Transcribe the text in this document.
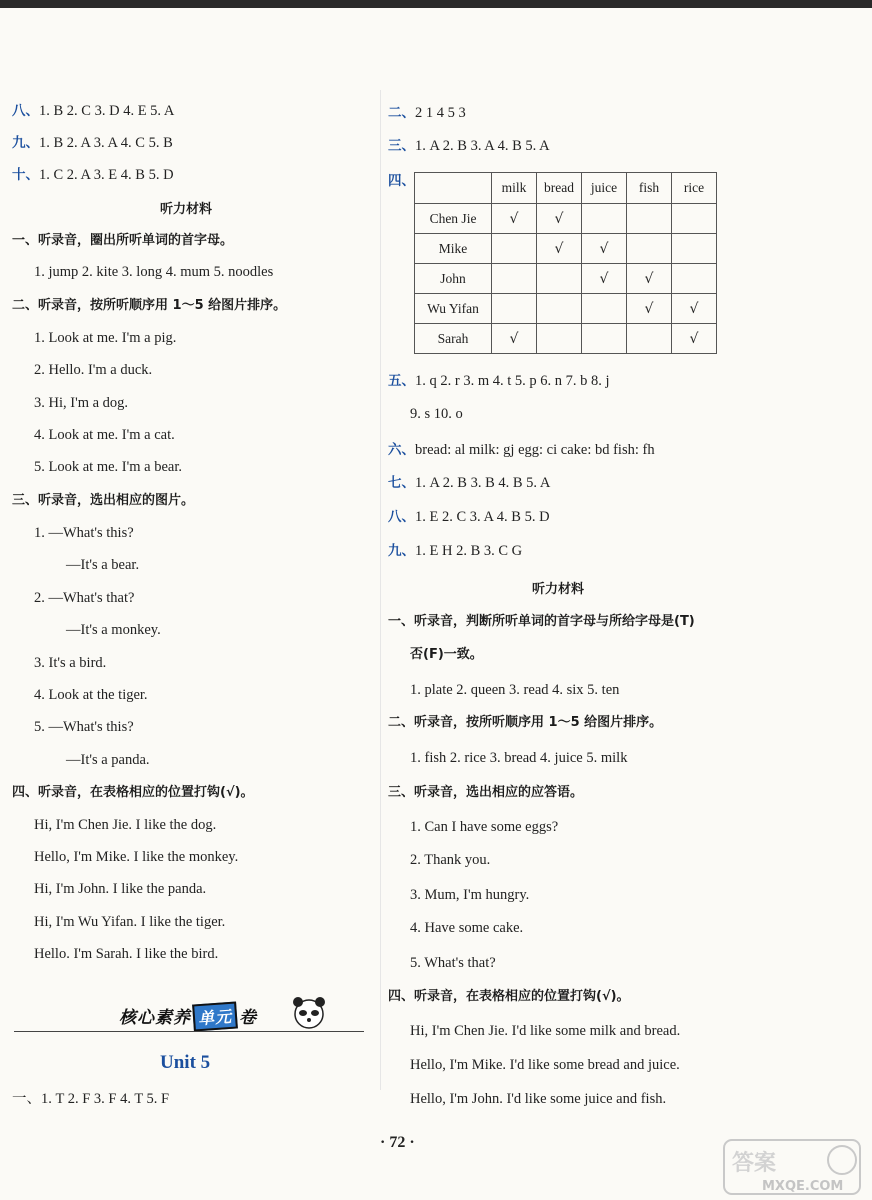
八、1. B 2. C 3. D 4. E 5. A
九、1. B 2. A 3. A 4. C 5. B
十、1. C 2. A 3. E 4. B 5. D
听力材料
一、听录音，圈出所听单词的首字母。
1. jump 2. kite 3. long 4. mum 5. noodles
二、听录音，按所听顺序用 1～5 给图片排序。
1. Look at me. I'm a pig.
2. Hello. I'm a duck.
3. Hi, I'm a dog.
4. Look at me. I'm a cat.
5. Look at me. I'm a bear.
三、听录音，选出相应的图片。
1. —What's this?
—It's a bear.
2. —What's that?
—It's a monkey.
3. It's a bird.
4. Look at the tiger.
5. —What's this?
—It's a panda.
四、听录音，在表格相应的位置打钩(√)。
Hi, I'm Chen Jie. I like the dog.
Hello, I'm Mike. I like the monkey.
Hi, I'm John. I like the panda.
Hi, I'm Wu Yifan. I like the tiger.
Hello. I'm Sarah. I like the bird.
核心素养 单元 卷
Unit 5
一、1. T 2. F 3. F 4. T 5. F
二、2 1 4 5 3
三、1. A 2. B 3. A 4. B 5. A
四、
五、1. q 2. r 3. m 4. t 5. p 6. n 7. b 8. j
9. s 10. o
六、bread: al milk: gj egg: ci cake: bd fish: fh
七、1. A 2. B 3. B 4. B 5. A
八、1. E 2. C 3. A 4. B 5. D
九、1. E H 2. B 3. C G
听力材料
一、听录音，判断所听单词的首字母与所给字母是(T)
否(F)一致。
1. plate 2. queen 3. read 4. six 5. ten
二、听录音，按所听顺序用 1～5 给图片排序。
1. fish 2. rice 3. bread 4. juice 5. milk
三、听录音，选出相应的应答语。
1. Can I have some eggs?
2. Thank you.
3. Mum, I'm hungry.
4. Have some cake.
5. What's that?
四、听录音，在表格相应的位置打钩(√)。
Hi, I'm Chen Jie. I'd like some milk and bread.
Hello, I'm Mike. I'd like some bread and juice.
Hello, I'm John. I'd like some juice and fish.
	milk	bread	juice	fish	rice
Chen Jie	√	√			
Mike		√	√		
John			√	√	
Wu Yifan				√	√
Sarah	√				√
· 72 ·
答案
MXQE.COM
